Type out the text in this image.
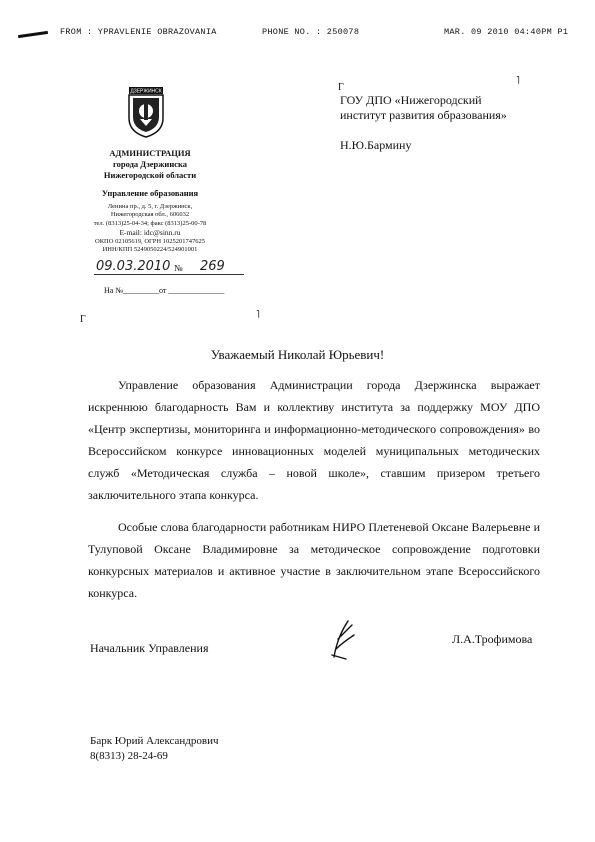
FROM : YPRAVLENIE OBRAZOVANIA	PHONE NO. : 250078	MAR. 09 2010 04:40PM P1
ДЗЕРЖИНСК
АДМИНИСТРАЦИЯ
города Дзержинска
Нижегородской области
Управление образования
Ленина пр., д. 5, г. Дзержинск,
Нижегородская обл., 606032
тел. (8313)25-04-34; факс (8313)25-00-78
E-mail: idc@sinn.ru
ОКПО 02105619, ОГРН 1025201747625
ИНН/КПП 5249050224/524901001
09.03.2010 № 269
На №_________от ______________
Г
˥
ГОУ ДПО «Нижегородский
институт развития образования»
Н.Ю.Бармину
Г	˥
Уважаемый Николай Юрьевич!
Управление образования Администрации города Дзержинска выражает искреннюю благодарность Вам и коллективу института за поддержку МОУ ДПО «Центр экспертизы, мониторинга и информационно-методического сопровождения» во Всероссийском конкурсе инновационных моделей муниципальных методических служб «Методическая служба – новой школе», ставшим призером третьего заключительного этапа конкурса.
Особые слова благодарности работникам НИРО Плетеневой Оксане Валерьевне и Тулуповой Оксане Владимировне за методическое сопровождение подготовки конкурсных материалов и активное участие в заключительном этапе Всероссийского конкурса.
Начальник Управления
Л.А.Трофимова
Барк Юрий Александрович
8(8313) 28-24-69
